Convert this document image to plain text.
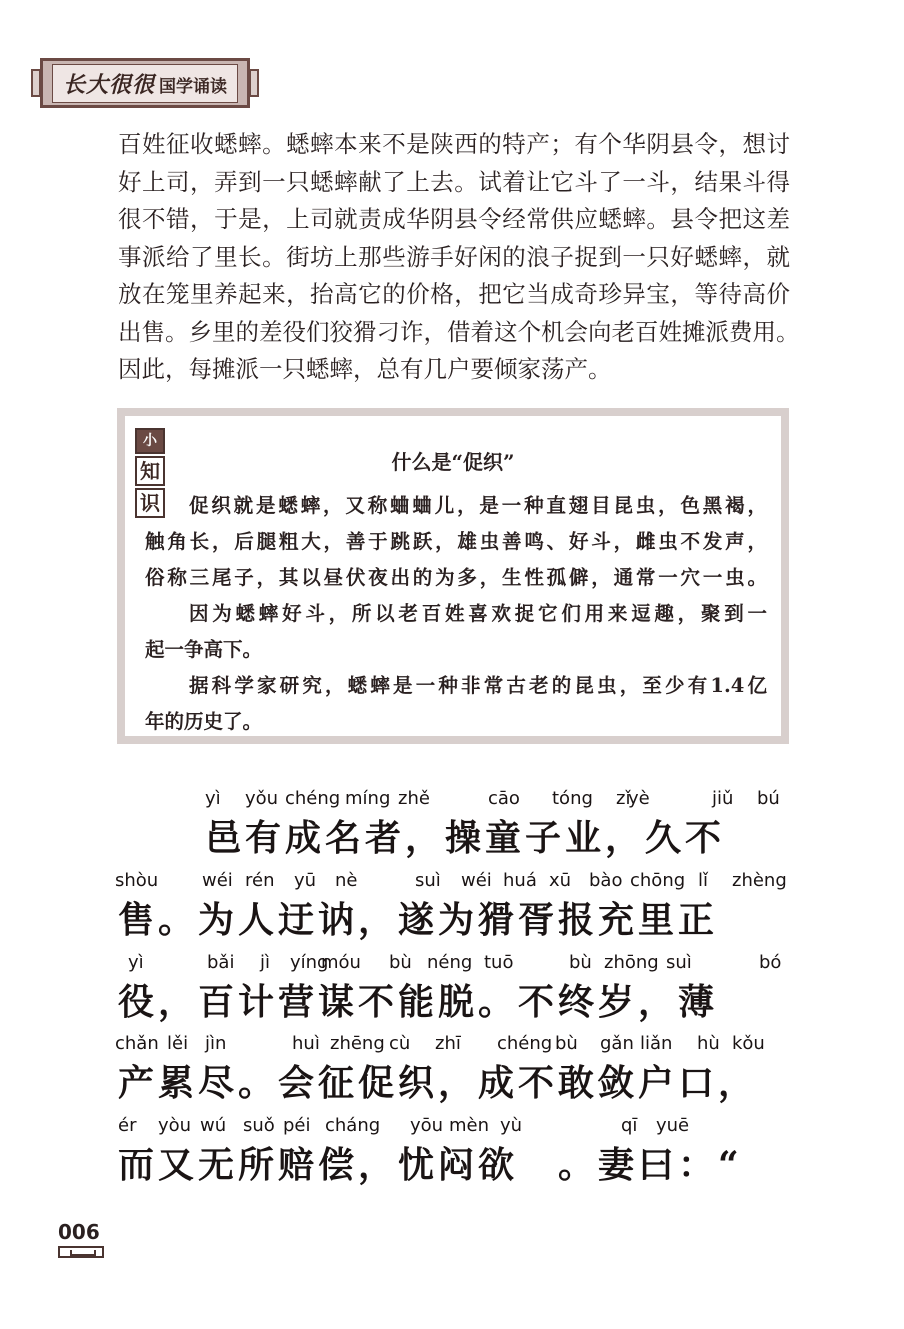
长大很很 国学诵读
百姓征收蟋蟀。蟋蟀本来不是陕西的特产；有个华阴县令，想讨
好上司，弄到一只蟋蟀献了上去。试着让它斗了一斗，结果斗得
很不错，于是，上司就责成华阴县令经常供应蟋蟀。县令把这差
事派给了里长。街坊上那些游手好闲的浪子捉到一只好蟋蟀，就
放在笼里养起来，抬高它的价格，把它当成奇珍异宝，等待高价
出售。乡里的差役们狡猾刁诈，借着这个机会向老百姓摊派费用。
因此，每摊派一只蟋蟀，总有几户要倾家荡产。
小
知
识
什么是“促织”
促织就是蟋蟀，又称蛐蛐儿，是一种直翅目昆虫，色黑褐，
触角长，后腿粗大，善于跳跃，雄虫善鸣、好斗，雌虫不发声，
俗称三尾子，其以昼伏夜出的为多，生性孤僻，通常一穴一虫。
因为蟋蟀好斗，所以老百姓喜欢捉它们用来逗趣，聚到一
起一争高下。
据科学家研究，蟋蟀是一种非常古老的昆虫，至少有1.4亿
年的历史了。
yì yǒu chéng míng zhě	cāo tóng zǐ
yè	jiǔ bú
邑有成名者，操童子业，久不
shòu wéi rén yū nè	suì wéi huá xū bào chōng lǐ zhèng
售。为人迂讷，遂为猾胥报充里正
yì	bǎi jì yíng
móu bù néng tuō	bù zhōng suì	bó
役，百计营谋不能脱。不终岁，薄
chǎn lěi jìn	huì zhēng cù zhī chéng bù gǎn liǎn hù kǒu
产累尽。会征促织，成不敢敛户口，
ér yòu wú suǒ péi cháng yōu mèn yù	qī yuē
而又无所赔偿，忧闷欲　。妻曰：“
006
